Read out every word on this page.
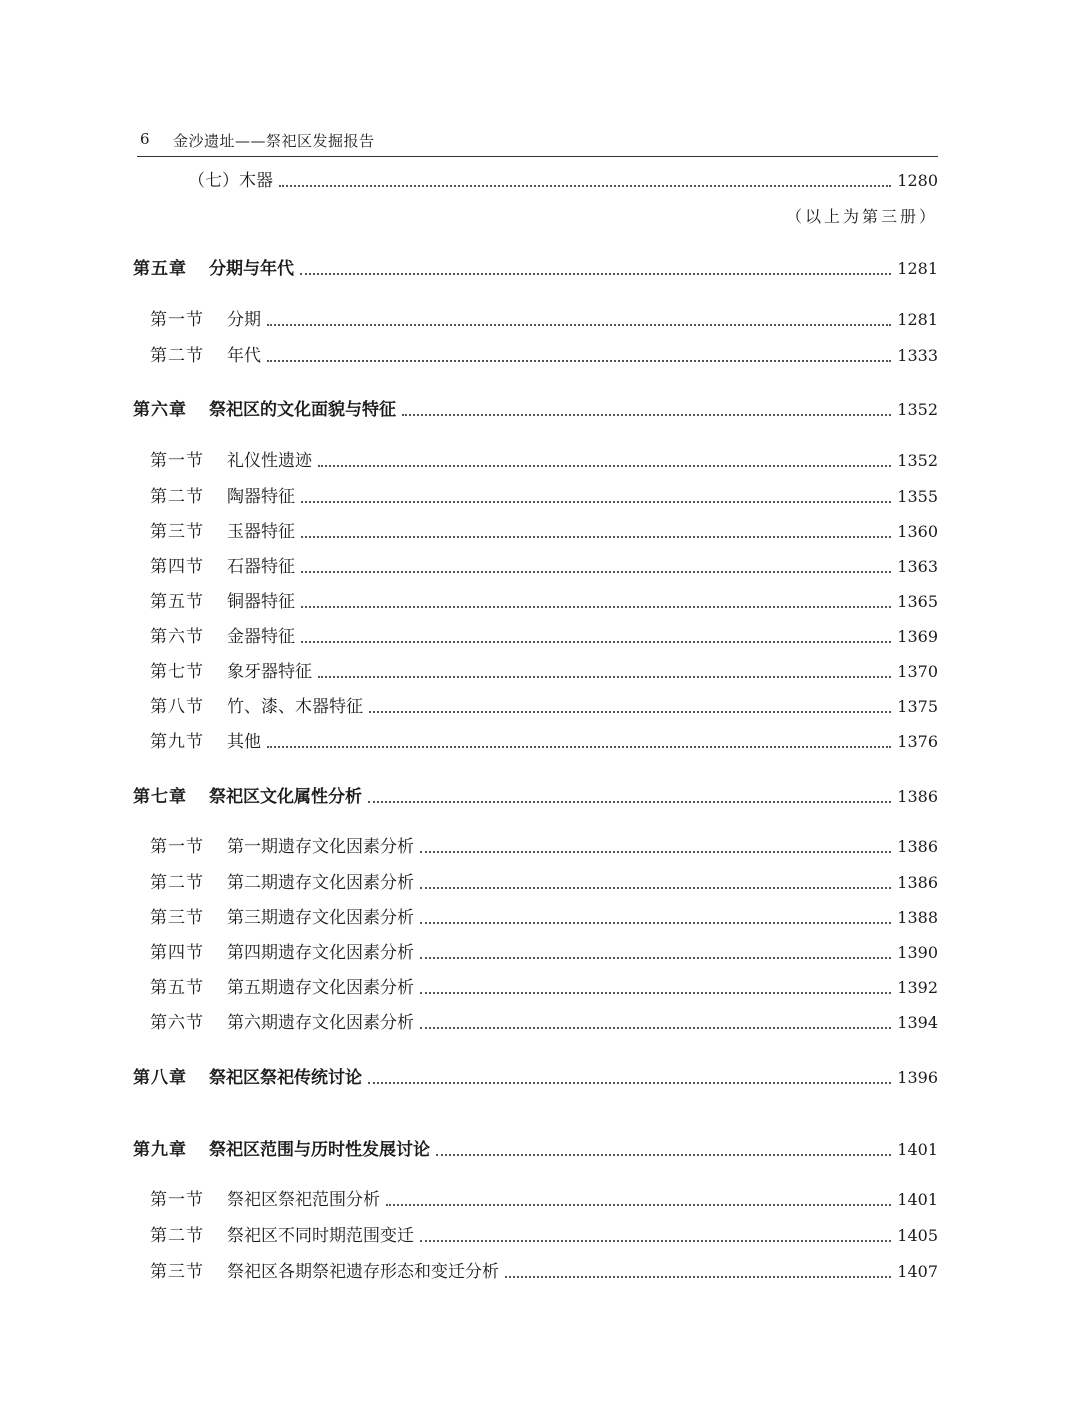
6 金沙遗址——祭祀区发掘报告
（七）木器	1280
（以上为第三册）
第五章	分期与年代	1281
第一节	分期	1281
第二节	年代	1333
第六章	祭祀区的文化面貌与特征	1352
第一节	礼仪性遗迹	1352
第二节	陶器特征	1355
第三节	玉器特征	1360
第四节	石器特征	1363
第五节	铜器特征	1365
第六节	金器特征	1369
第七节	象牙器特征	1370
第八节	竹、漆、木器特征	1375
第九节	其他	1376
第七章	祭祀区文化属性分析	1386
第一节	第一期遗存文化因素分析	1386
第二节	第二期遗存文化因素分析	1386
第三节	第三期遗存文化因素分析	1388
第四节	第四期遗存文化因素分析	1390
第五节	第五期遗存文化因素分析	1392
第六节	第六期遗存文化因素分析	1394
第八章	祭祀区祭祀传统讨论	1396
第九章	祭祀区范围与历时性发展讨论	1401
第一节	祭祀区祭祀范围分析	1401
第二节	祭祀区不同时期范围变迁	1405
第三节	祭祀区各期祭祀遗存形态和变迁分析	1407
